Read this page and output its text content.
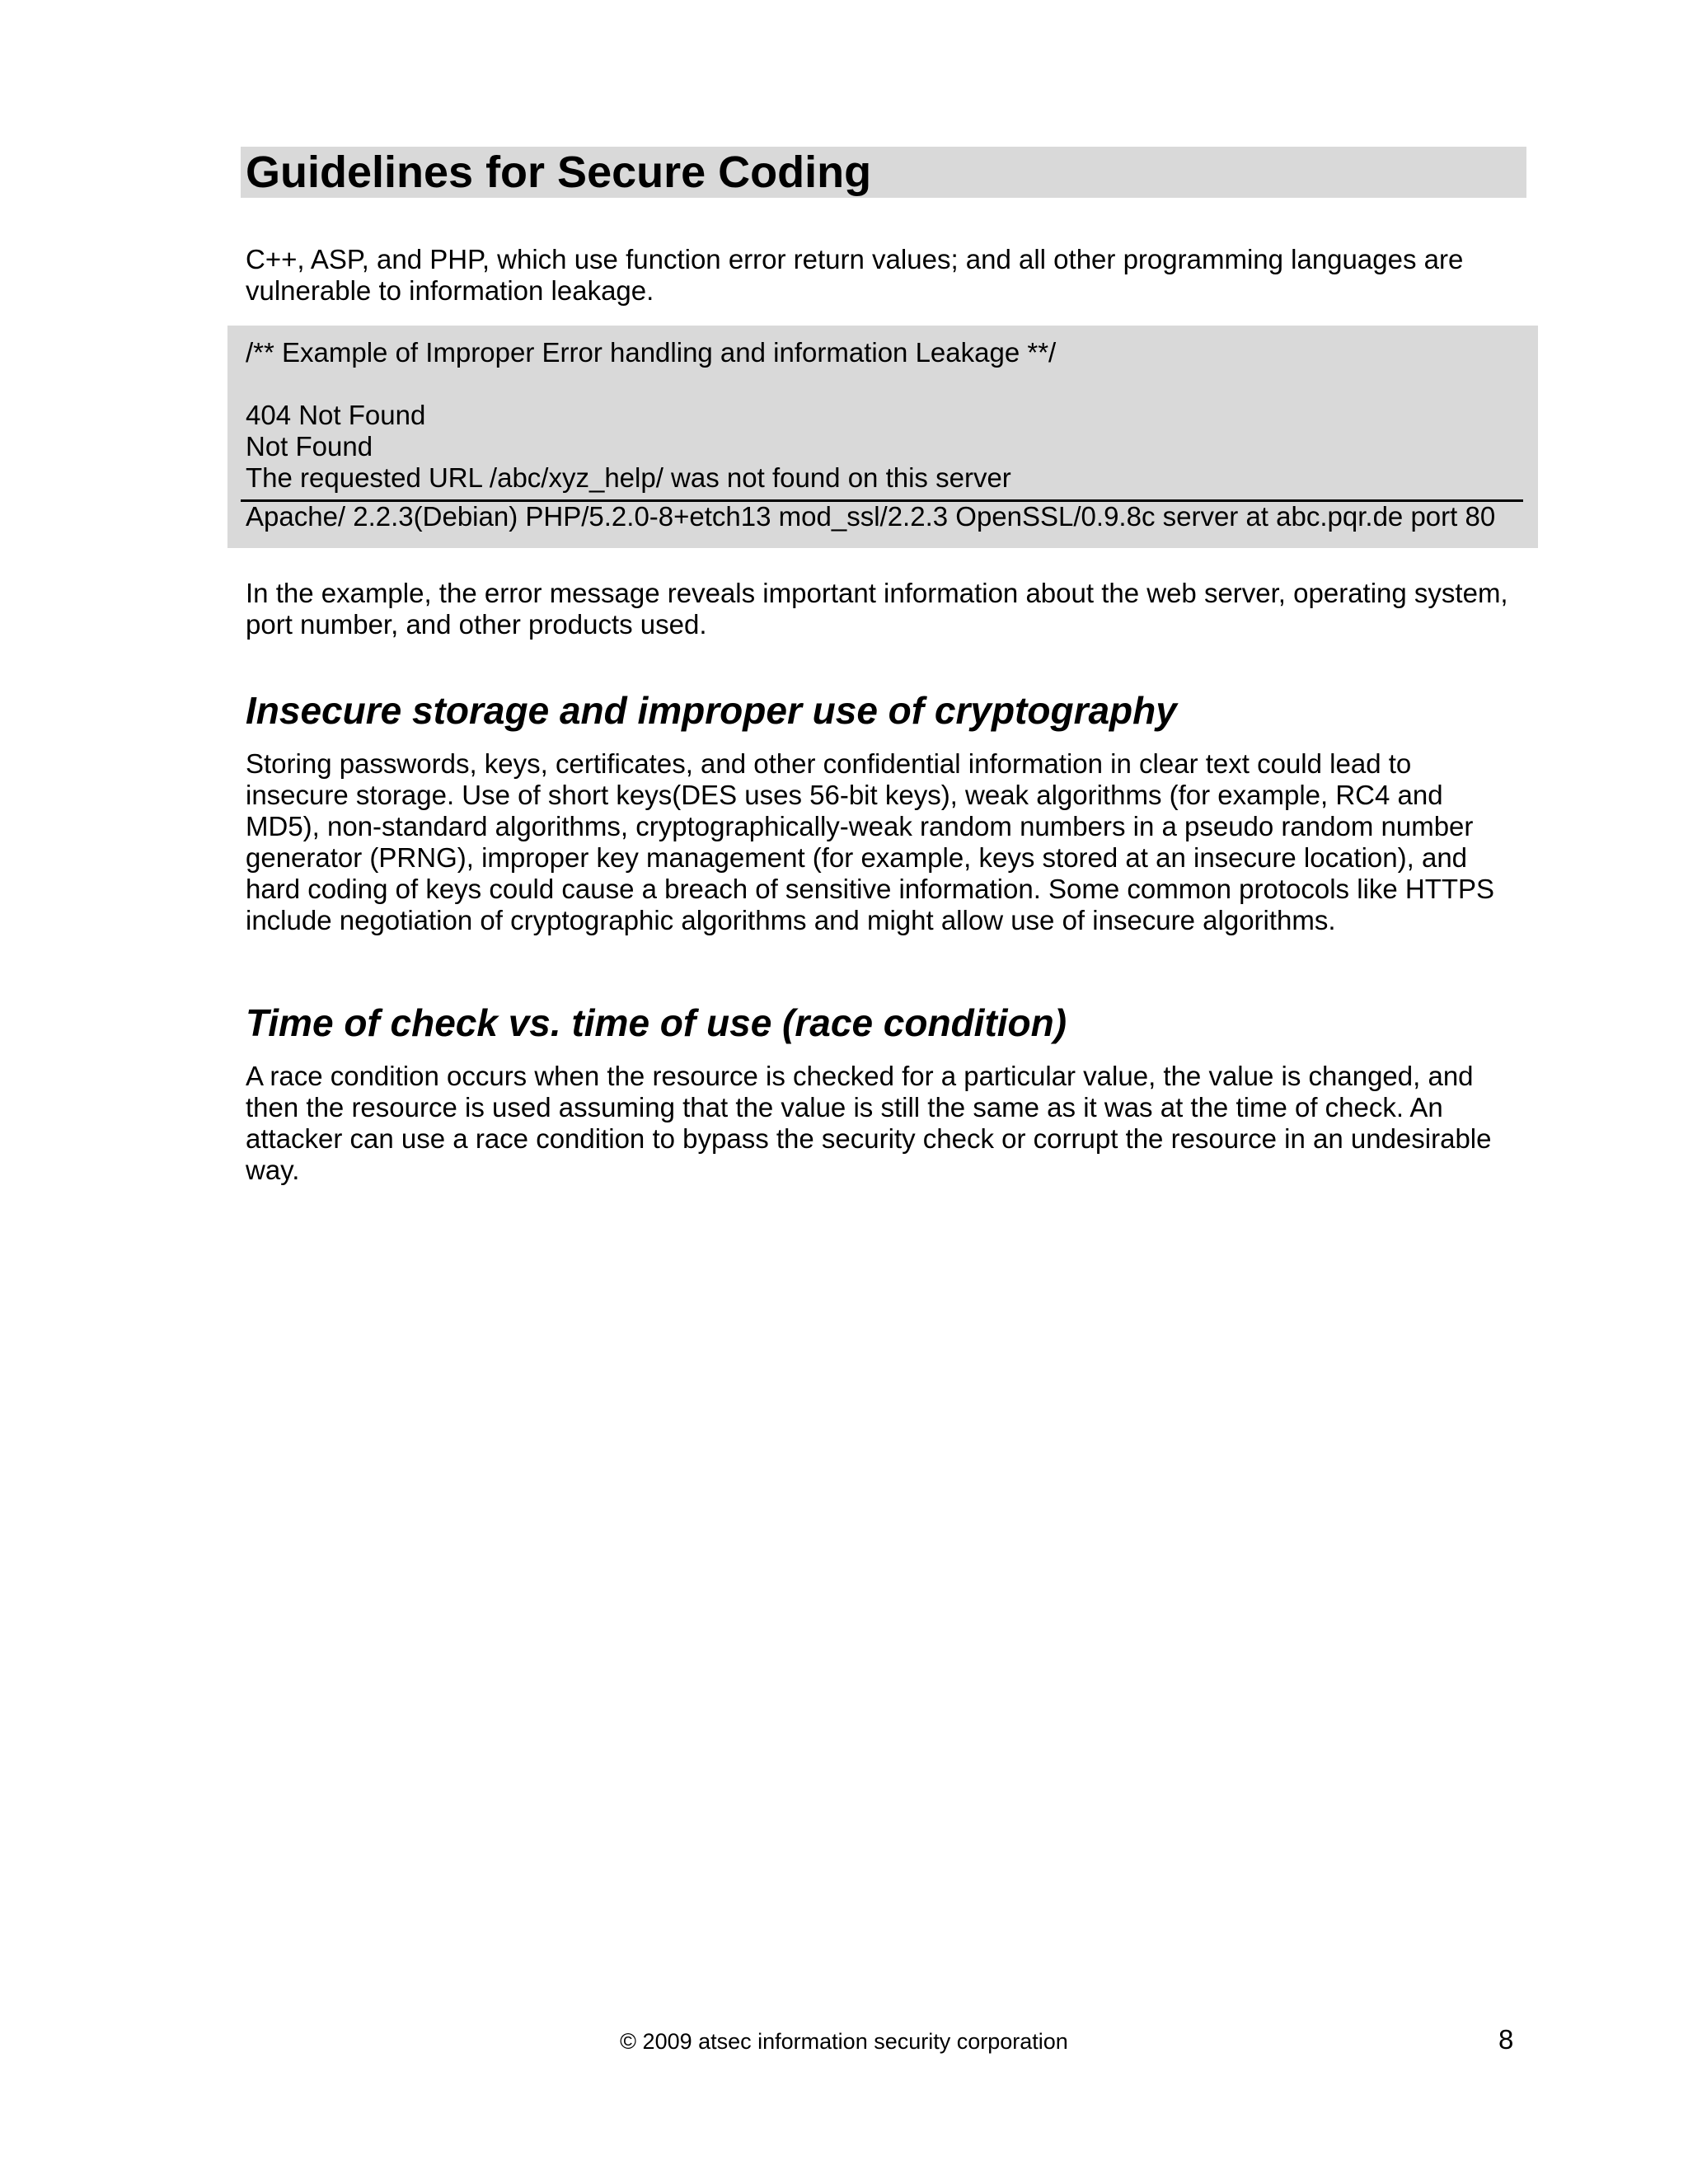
Guidelines for Secure Coding
C++, ASP, and PHP, which use function error return values; and all other programming languages are
vulnerable to information leakage.
/** Example of Improper Error handling and information Leakage **/
404 Not Found
Not Found
The requested URL /abc/xyz_help/ was not found on this server
Apache/ 2.2.3(Debian) PHP/5.2.0-8+etch13 mod_ssl/2.2.3 OpenSSL/0.9.8c server at abc.pqr.de port 80
In the example, the error message reveals important information about the web server, operating system,
port number, and other products used.
Insecure storage and improper use of cryptography
Storing passwords, keys, certificates, and other confidential information in clear text could lead to
insecure storage. Use of short keys(DES uses 56-bit keys), weak algorithms (for example, RC4 and
MD5), non-standard algorithms, cryptographically-weak random numbers in a pseudo random number
generator (PRNG), improper key management (for example, keys stored at an insecure location), and
hard coding of keys could cause a breach of sensitive information. Some common protocols like HTTPS
include negotiation of cryptographic algorithms and might allow use of insecure algorithms.
Time of check vs. time of use (race condition)
A race condition occurs when the resource is checked for a particular value, the value is changed, and
then the resource is used assuming that the value is still the same as it was at the time of check. An
attacker can use a race condition to bypass the security check or corrupt the resource in an undesirable
way.
© 2009 atsec information security corporation	8
